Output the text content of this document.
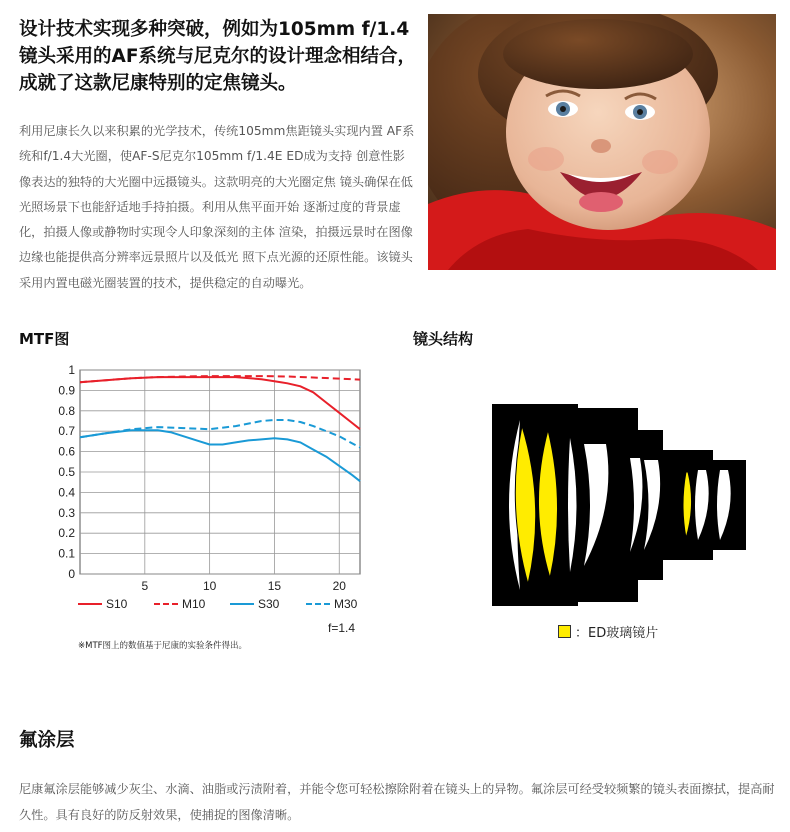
设计技术实现多种突破，例如为105mm f/1.4镜头采用的AF系统与尼克尔的设计理念相结合，成就了这款尼康特别的定焦镜头。

利用尼康长久以来积累的光学技术，传统105mm焦距镜头实现内置 AF系统和f/1.4大光圈，使AF-S尼克尔105mm f/1.4E ED成为支持 创意性影像表达的独特的大光圈中远摄镜头。这款明亮的大光圈定焦 镜头确保在低光照场景下也能舒适地手持拍摄。利用从焦平面开始 逐渐过度的背景虚化，拍摄人像或静物时实现令人印象深刻的主体 渲染，拍摄远景时在图像边缘也能提供高分辨率远景照片以及低光 照下点光源的还原性能。该镜头采用内置电磁光圈装置的技术，提供稳定的自动曝光。

MTF图	镜头结构
0
0.1
0.2
0.3
0.4
0.5
0.6
0.7
0.8
0.9
1
5	10	15	20
S10	M10	S30	M30
f=1.4
※MTF图上的数值基于尼康的实验条件得出。
：ED玻璃镜片
氟涂层

尼康氟涂层能够减少灰尘、水滴、油脂或污渍附着，并能令您可轻松擦除附着在镜头上的异物。氟涂层可经受较频繁的镜头表面擦拭，提高耐久性。具有良好的防反射效果，使捕捉的图像清晰。
